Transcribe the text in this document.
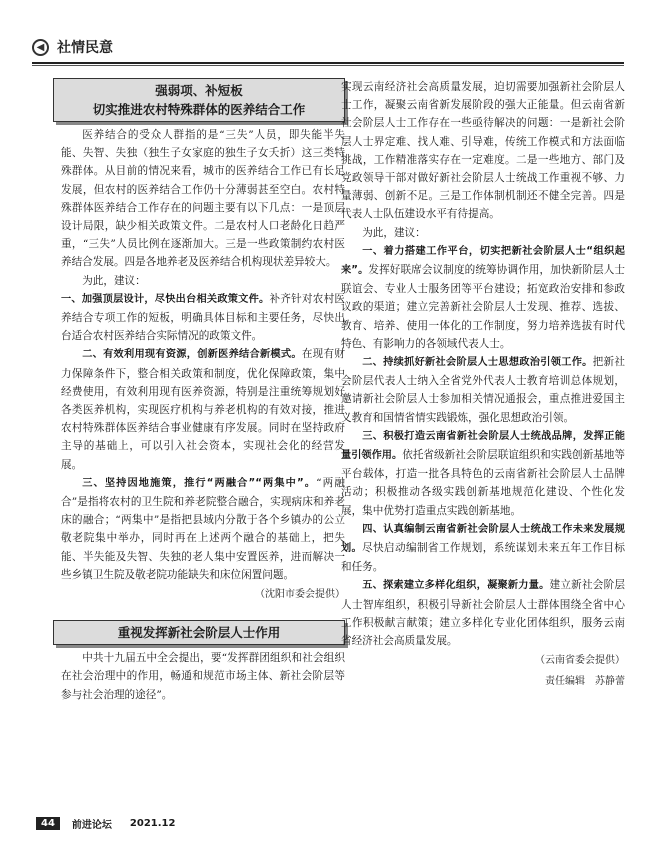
◀ 社情民意
强弱项、补短板
切实推进农村特殊群体的医养结合工作

医养结合的受众人群指的是“三失”人员，即失能半失能、失智、失独（独生子女家庭的独生子女夭折）这三类特殊群体。从目前的情况来看，城市的医养结合工作已有长足发展，但农村的医养结合工作仍十分薄弱甚至空白。农村特殊群体医养结合工作存在的问题主要有以下几点：一是顶层设计局限，缺少相关政策文件。二是农村人口老龄化日趋严重，“三失”人员比例在逐渐加大。三是一些政策制约农村医养结合发展。四是各地养老及医养结合机构现状差异较大。

为此，建议：

一、加强顶层设计，尽快出台相关政策文件。补齐针对农村医养结合专项工作的短板，明确具体目标和主要任务，尽快出台适合农村医养结合实际情况的政策文件。

二、有效利用现有资源，创新医养结合新模式。在现有财力保障条件下，整合相关政策和制度，优化保障政策，集中经费使用，有效利用现有医养资源，特别是注重统筹规划好各类医养机构，实现医疗机构与养老机构的有效对接，推进农村特殊群体医养结合事业健康有序发展。同时在坚持政府主导的基础上，可以引入社会资本，实现社会化的经营发展。

三、坚持因地施策，推行“两融合”“两集中”。“两融合”是指将农村的卫生院和养老院整合融合，实现病床和养老床的融合；“两集中”是指把县域内分散于各个乡镇办的公立敬老院集中举办，同时再在上述两个融合的基础上，把失能、半失能及失智、失独的老人集中安置医养，进而解决一些乡镇卫生院及敬老院功能缺失和床位闲置问题。

（沈阳市委会提供）
重视发挥新社会阶层人士作用

中共十九届五中全会提出，要“发挥群团组织和社会组织在社会治理中的作用，畅通和规范市场主体、新社会阶层等参与社会治理的途径”。

实现云南经济社会高质量发展，迫切需要加强新社会阶层人士工作，凝聚云南省新发展阶段的强大正能量。但云南省新社会阶层人士工作存在一些亟待解决的问题：一是新社会阶层人士界定难、找人难、引导难，传统工作模式和方法面临挑战，工作精准落实存在一定难度。二是一些地方、部门及党政领导干部对做好新社会阶层人士统战工作重视不够、力量薄弱、创新不足。三是工作体制机制还不健全完善。四是代表人士队伍建设水平有待提高。

为此，建议：

一、着力搭建工作平台，切实把新社会阶层人士“组织起来”。发挥好联席会议制度的统筹协调作用，加快新阶层人士联谊会、专业人士服务团等平台建设；拓宽政治安排和参政议政的渠道；建立完善新社会阶层人士发现、推荐、选拔、教育、培养、使用一体化的工作制度，努力培养选拔有时代特色、有影响力的各领域代表人士。

二、持续抓好新社会阶层人士思想政治引领工作。把新社会阶层代表人士纳入全省党外代表人士教育培训总体规划，邀请新社会阶层人士参加相关情况通报会，重点推进爱国主义教育和国情省情实践锻炼，强化思想政治引领。

三、积极打造云南省新社会阶层人士统战品牌，发挥正能量引领作用。依托省级新社会阶层联谊组织和实践创新基地等平台载体，打造一批各具特色的云南省新社会阶层人士品牌活动；积极推动各级实践创新基地规范化建设、个性化发展，集中优势打造重点实践创新基地。

四、认真编制云南省新社会阶层人士统战工作未来发展规划。尽快启动编制省工作规划，系统谋划未来五年工作目标和任务。

五、探索建立多样化组织，凝聚新力量。建立新社会阶层人士智库组织，积极引导新社会阶层人士群体围绕全省中心工作积极献言献策；建立多样化专业化团体组织，服务云南省经济社会高质量发展。

（云南省委会提供）
责任编辑　苏静蕾
44	前进论坛 2021.12
